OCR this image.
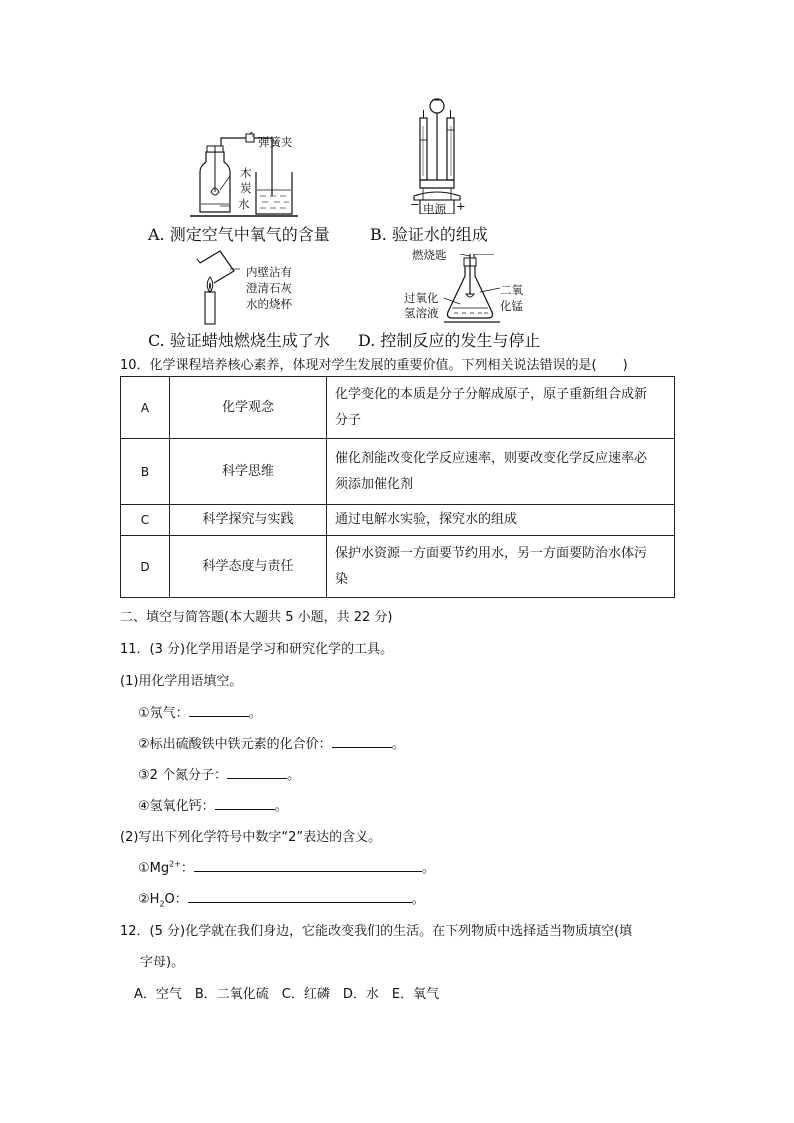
弹簧夹
木
炭
水
A. 测定空气中氧气的含量
电源
−	+
B. 验证水的组成
内壁沾有
澄清石灰
水的烧杯
C. 验证蜡烛燃烧生成了水
燃烧匙
二氧
化锰
过氧化
氢溶液
D. 控制反应的发生与停止
10．化学课程培养核心素养，体现对学生发展的重要价值。下列相关说法错误的是(　　)
A	化学观念	化学变化的本质是分子分解成原子，原子重新组合成新
分子

B	科学思维	催化剂能改变化学反应速率，则要改变化学反应速率必
须添加催化剂

C	科学探究与实践	通过电解水实验，探究水的组成
D	科学态度与责任	保护水资源一方面要节约用水，另一方面要防治水体污
染
二、填空与简答题(本大题共 5 小题，共 22 分)
11．(3 分)化学用语是学习和研究化学的工具。
(1)用化学用语填空。
①氖气：	。
②标出硫酸铁中铁元素的化合价：	。
③2 个氮分子：	。
④氢氧化钙：	。
(2)写出下列化学符号中数字“2”表达的含义。
$①Mg^{2+}$：	。
$②H_2O$：	。
12．(5 分)化学就在我们身边，它能改变我们的生活。在下列物质中选择适当物质填空(填
字母)。
A．空气　B．二氧化硫　C．红磷　D．水　E．氧气
